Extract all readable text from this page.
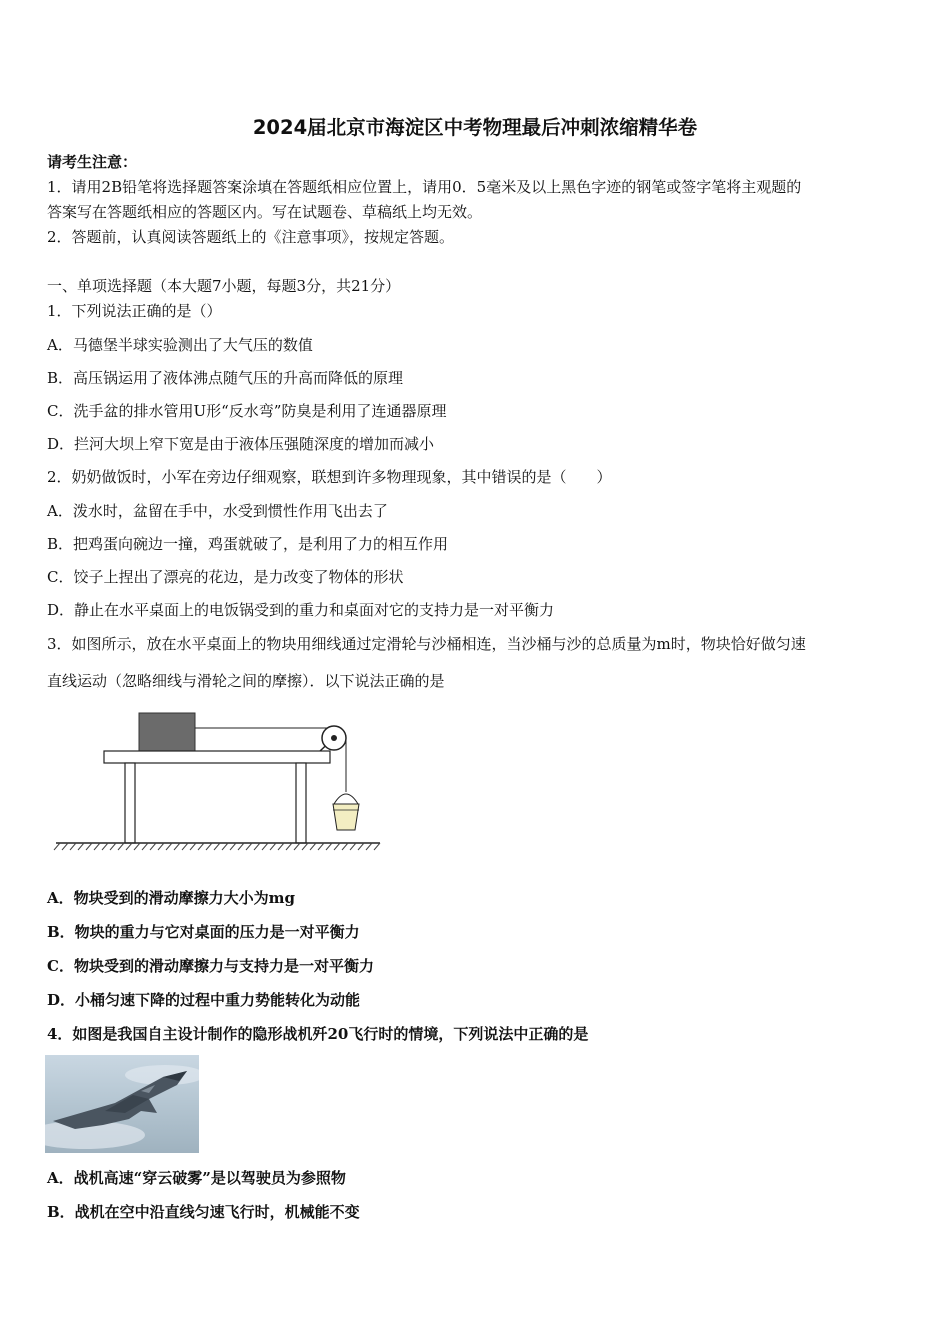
2024届北京市海淀区中考物理最后冲刺浓缩精华卷
请考生注意：
1．请用2B铅笔将选择题答案涂填在答题纸相应位置上，请用0．5毫米及以上黑色字迹的钢笔或签字笔将主观题的
答案写在答题纸相应的答题区内。写在试题卷、草稿纸上均无效。
2．答题前，认真阅读答题纸上的《注意事项》，按规定答题。
一、单项选择题（本大题7小题，每题3分，共21分）
1．下列说法正确的是（）
A．马德堡半球实验测出了大气压的数值
B．高压锅运用了液体沸点随气压的升高而降低的原理
C．洗手盆的排水管用U形“反水弯”防臭是利用了连通器原理
D．拦河大坝上窄下宽是由于液体压强随深度的增加而减小
2．奶奶做饭时，小军在旁边仔细观察，联想到许多物理现象，其中错误的是（　　）
A．泼水时，盆留在手中，水受到惯性作用飞出去了
B．把鸡蛋向碗边一撞，鸡蛋就破了，是利用了力的相互作用
C．饺子上捏出了漂亮的花边，是力改变了物体的形状
D．静止在水平桌面上的电饭锅受到的重力和桌面对它的支持力是一对平衡力
3．如图所示，放在水平桌面上的物块用细线通过定滑轮与沙桶相连，当沙桶与沙的总质量为m时，物块恰好做匀速
直线运动（忽略细线与滑轮之间的摩擦）．以下说法正确的是
A．物块受到的滑动摩擦力大小为mg
B．物块的重力与它对桌面的压力是一对平衡力
C．物块受到的滑动摩擦力与支持力是一对平衡力
D．小桶匀速下降的过程中重力势能转化为动能
4．如图是我国自主设计制作的隐形战机歼20飞行时的情境，下列说法中正确的是
A．战机高速“穿云破雾”是以驾驶员为参照物
B．战机在空中沿直线匀速飞行时，机械能不变
